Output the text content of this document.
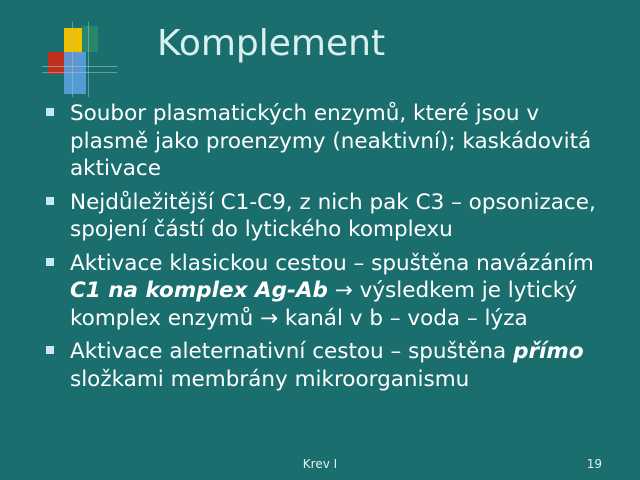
Komplement
Soubor plasmatických enzymů, které jsou v plasmě jako proenzymy (neaktivní); kaskádovitá aktivace
Nejdůležitější C1-C9, z nich pak C3 – opsonizace, spojení částí do lytického komplexu
Aktivace klasickou cestou – spuštěna navázáním C1 na komplex Ag-Ab → výsledkem je lytický komplex enzymů → kanál v b – voda – lýza
Aktivace aleternativní cestou – spuštěna přímo složkami membrány mikroorganismu
Krev I	19
